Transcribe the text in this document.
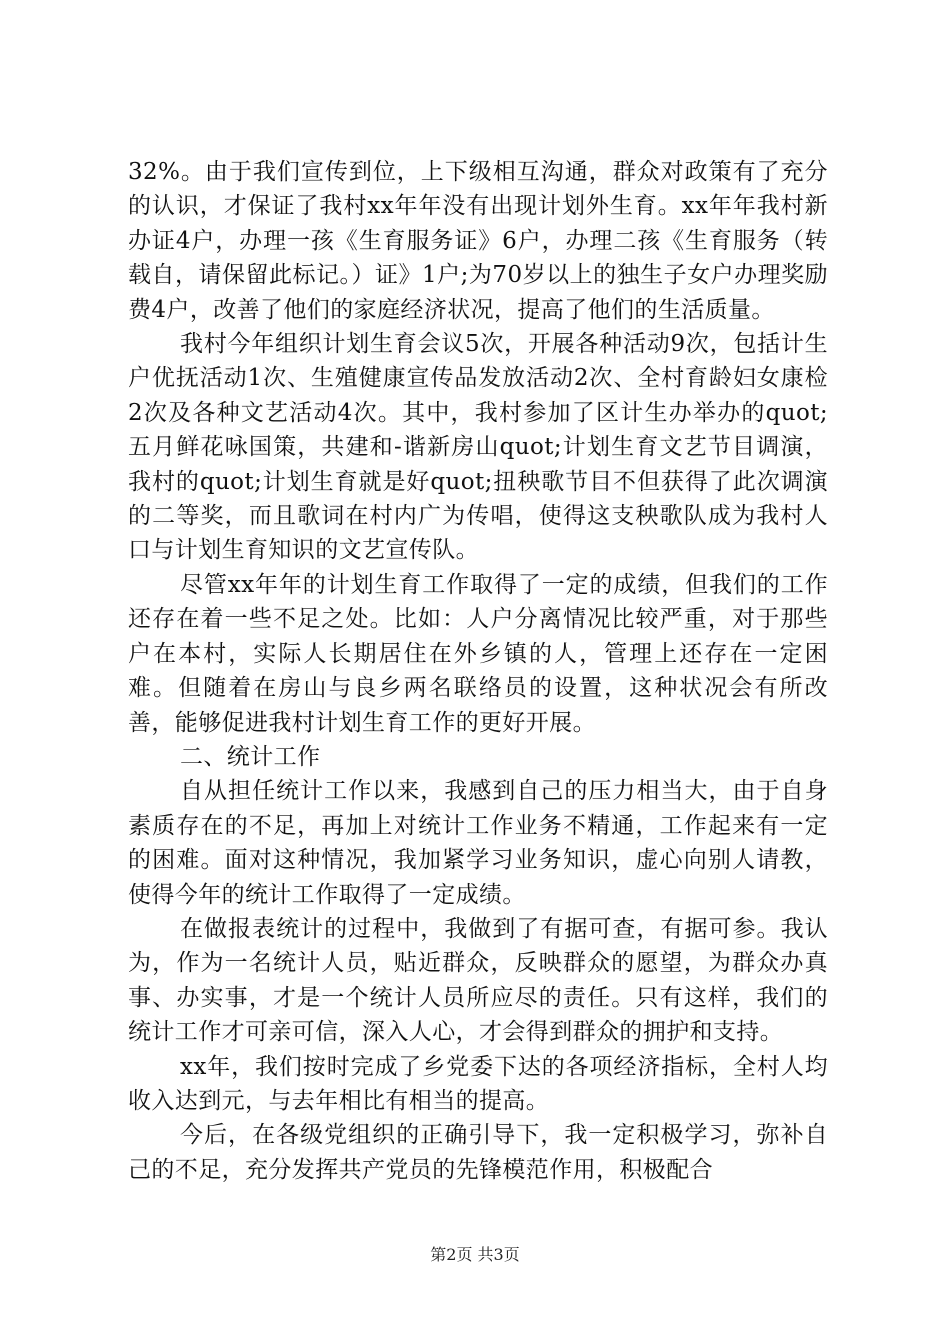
32%。由于我们宣传到位，上下级相互沟通，群众对政策有了充分的认识，才保证了我村xx年年没有出现计划外生育。xx年年我村新办证4户，办理一孩《生育服务证》6户，办理二孩《生育服务（转载自，请保留此标记。）证》1户;为70岁以上的独生子女户办理奖励费4户，改善了他们的家庭经济状况，提高了他们的生活质量。

我村今年组织计划生育会议5次，开展各种活动9次，包括计生户优抚活动1次、生殖健康宣传品发放活动2次、全村育龄妇女康检2次及各种文艺活动4次。其中，我村参加了区计生办举办的quot;五月鲜花咏国策，共建和-谐新房山quot;计划生育文艺节目调演，我村的quot;计划生育就是好quot;扭秧歌节目不但获得了此次调演的二等奖，而且歌词在村内广为传唱，使得这支秧歌队成为我村人口与计划生育知识的文艺宣传队。

尽管xx年年的计划生育工作取得了一定的成绩，但我们的工作还存在着一些不足之处。比如：人户分离情况比较严重，对于那些户在本村，实际人长期居住在外乡镇的人，管理上还存在一定困难。但随着在房山与良乡两名联络员的设置，这种状况会有所改善，能够促进我村计划生育工作的更好开展。

二、统计工作

自从担任统计工作以来，我感到自己的压力相当大，由于自身素质存在的不足，再加上对统计工作业务不精通，工作起来有一定的困难。面对这种情况，我加紧学习业务知识，虚心向别人请教，使得今年的统计工作取得了一定成绩。

在做报表统计的过程中，我做到了有据可查，有据可参。我认为，作为一名统计人员，贴近群众，反映群众的愿望，为群众办真事、办实事，才是一个统计人员所应尽的责任。只有这样，我们的统计工作才可亲可信，深入人心，才会得到群众的拥护和支持。

xx年，我们按时完成了乡党委下达的各项经济指标，全村人均收入达到元，与去年相比有相当的提高。

今后，在各级党组织的正确引导下，我一定积极学习，弥补自己的不足，充分发挥共产党员的先锋模范作用，积极配合

第2页 共3页
